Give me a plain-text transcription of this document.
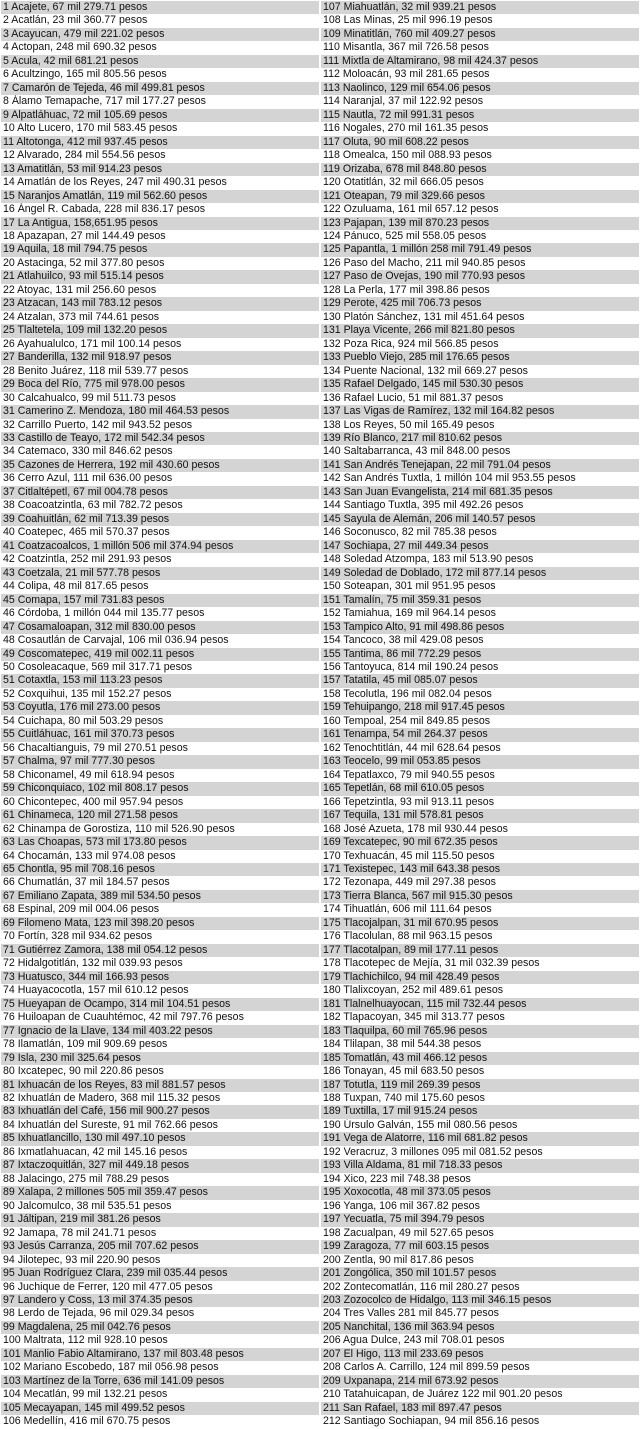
1 Acajete, 67 mil 279.71 pesos
2 Acatlán, 23 mil 360.77 pesos
3 Acayucan, 479 mil 221.02 pesos
4 Actopan, 248 mil 690.32 pesos
5 Acula, 42 mil 681.21 pesos
6 Acultzingo, 165 mil 805.56 pesos
7 Camarón de Tejeda, 46 mil 499.81 pesos
8 Álamo Temapache, 717 mil 177.27 pesos
9 Alpatláhuac, 72 mil 105.69 pesos
10 Alto Lucero, 170 mil 583.45 pesos
11 Altotonga, 412 mil 937.45 pesos
12 Alvarado, 284 mil 554.56 pesos
13 Amatitlán, 53 mil 914.23 pesos
14 Amatlán de los Reyes, 247 mil 490.31 pesos
15 Naranjos Amatlán, 119 mil 562.60 pesos
16 Ángel R. Cabada, 228 mil 836.17 pesos
17 La Antigua, 158,651.95 pesos
18 Apazapan, 27 mil 144.49 pesos
19 Aquila, 18 mil 794.75 pesos
20 Astacinga, 52 mil 377.80 pesos
21 Atlahuilco, 93 mil 515.14 pesos
22 Atoyac, 131 mil 256.60 pesos
23 Atzacan, 143 mil 783.12 pesos
24 Atzalan, 373 mil 744.61 pesos
25 Tlaltetela, 109 mil 132.20 pesos
26 Ayahualulco, 171 mil 100.14 pesos
27 Banderilla, 132 mil 918.97 pesos
28 Benito Juárez, 118 mil 539.77 pesos
29 Boca del Río, 775 mil 978.00 pesos
30 Calcahualco, 99 mil 511.73 pesos
31 Camerino Z. Mendoza, 180 mil 464.53 pesos
32 Carrillo Puerto, 142 mil 943.52 pesos
33 Castillo de Teayo, 172 mil 542.34 pesos
34 Catemaco, 330 mil 846.62 pesos
35 Cazones de Herrera, 192 mil 430.60 pesos
36 Cerro Azul, 111 mil 636.00 pesos
37 Citlaltépetl, 67 mil 004.78 pesos
38 Coacoatzintla, 63 mil 782.72 pesos
39 Coahuitlán, 62 mil 713.39 pesos
40 Coatepec, 465 mil 570.37 pesos
41 Coatzacoalcos, 1 millón 506 mil 374.94 pesos
42 Coatzintla, 252 mil 291.93 pesos
43 Coetzala, 21 mil 577.78 pesos
44 Colipa, 48 mil 817.65 pesos
45 Comapa, 157 mil 731.83 pesos
46 Córdoba, 1 millón 044 mil 135.77 pesos
47 Cosamaloapan, 312 mil 830.00 pesos
48 Cosautlán de Carvajal, 106 mil 036.94 pesos
49 Coscomatepec, 419 mil 002.11 pesos
50 Cosoleacaque, 569 mil 317.71 pesos
51 Cotaxtla, 153 mil 113.23 pesos
52 Coxquihui, 135 mil 152.27 pesos
53 Coyutla, 176 mil 273.00 pesos
54 Cuichapa, 80 mil 503.29 pesos
55 Cuitláhuac, 161 mil 370.73 pesos
56 Chacaltianguis, 79 mil 270.51 pesos
57 Chalma, 97 mil 777.30 pesos
58 Chiconamel, 49 mil 618.94 pesos
59 Chiconquiaco, 102 mil 808.17 pesos
60 Chicontepec, 400 mil 957.94 pesos
61 Chinameca, 120 mil 271.58 pesos
62 Chinampa de Gorostiza, 110 mil 526.90 pesos
63 Las Choapas, 573 mil 173.80 pesos
64 Chocamán, 133 mil 974.08 pesos
65 Chontla, 95 mil 708.16 pesos
66 Chumatlán, 37 mil 184.57 pesos
67 Emiliano Zapata, 389 mil 534.50 pesos
68 Espinal, 209 mil 004.06 pesos
69 Filomeno Mata, 123 mil 398.20 pesos
70 Fortín, 328 mil 934.62 pesos
71 Gutiérrez Zamora, 138 mil 054.12 pesos
72 Hidalgotitlán, 132 mil 039.93 pesos
73 Huatusco, 344 mil 166.93 pesos
74 Huayacocotla, 157 mil 610.12 pesos
75 Hueyapan de Ocampo, 314 mil 104.51 pesos
76 Huiloapan de Cuauhtémoc, 42 mil 797.76 pesos
77 Ignacio de la Llave, 134 mil 403.22 pesos
78 Ilamatlán, 109 mil 909.69 pesos
79 Isla, 230 mil 325.64 pesos
80 Ixcatepec, 90 mil 220.86 pesos
81 Ixhuacán de los Reyes, 83 mil 881.57 pesos
82 Ixhuatlán de Madero, 368 mil 115.32 pesos
83 Ixhuatlán del Café, 156 mil 900.27 pesos
84 Ixhuatlán del Sureste, 91 mil 762.66 pesos
85 Ixhuatlancillo, 130 mil 497.10 pesos
86 Ixmatlahuacan, 42 mil 145.16 pesos
87 Ixtaczoquitlán, 327 mil 449.18 pesos
88 Jalacingo, 275 mil 788.29 pesos
89 Xalapa, 2 millones 505 mil 359.47 pesos
90 Jalcomulco, 38 mil 535.51 pesos
91 Jáltipan, 219 mil 381.26 pesos
92 Jamapa, 78 mil 241.71 pesos
93 Jesús Carranza, 205 mil 707.62 pesos
94 Jilotepec, 93 mil 220.90 pesos
95 Juan Rodríguez Clara, 239 mil 035.44 pesos
96 Juchique de Ferrer, 120 mil 477.05 pesos
97 Landero y Coss, 13 mil 374.35 pesos
98 Lerdo de Tejada, 96 mil 029.34 pesos
99 Magdalena, 25 mil 042.76 pesos
100 Maltrata, 112 mil 928.10 pesos
101 Manlio Fabio Altamirano, 137 mil 803.48 pesos
102 Mariano Escobedo, 187 mil 056.98 pesos
103 Martínez de la Torre, 636 mil 141.09 pesos
104 Mecatlán, 99 mil 132.21 pesos
105 Mecayapan, 145 mil 499.52 pesos
106 Medellín, 416 mil 670.75 pesos
107 Miahuatlán, 32 mil 939.21 pesos
108 Las Minas, 25 mil 996.19 pesos
109 Minatitlán, 760 mil 409.27 pesos
110 Misantla, 367 mil 726.58 pesos
111 Mixtla de Altamirano, 98 mil 424.37 pesos
112 Moloacán, 93 mil 281.65 pesos
113 Naolinco, 129 mil 654.06 pesos
114 Naranjal, 37 mil 122.92 pesos
115 Nautla, 72 mil 991.31 pesos
116 Nogales, 270 mil 161.35 pesos
117 Oluta, 90 mil 608.22 pesos
118 Omealca, 150 mil 088.93 pesos
119 Orizaba, 678 mil 848.80 pesos
120 Otatitlán, 32 mil 666.05 pesos
121 Oteapan, 79 mil 329.66 pesos
122 Ozuluama, 161 mil 657.12 pesos
123 Pajapan, 139 mil 870.23 pesos
124 Pánuco, 525 mil 558.05 pesos
125 Papantla, 1 millón 258 mil 791.49 pesos
126 Paso del Macho, 211 mil 940.85 pesos
127 Paso de Ovejas, 190 mil 770.93 pesos
128 La Perla, 177 mil 398.86 pesos
129 Perote, 425 mil 706.73 pesos
130 Platón Sánchez, 131 mil 451.64 pesos
131 Playa Vicente, 266 mil 821.80 pesos
132 Poza Rica, 924 mil 566.85 pesos
133 Pueblo Viejo, 285 mil 176.65 pesos
134 Puente Nacional, 132 mil 669.27 pesos
135 Rafael Delgado, 145 mil 530.30 pesos
136 Rafael Lucio, 51 mil 881.37 pesos
137 Las Vigas de Ramírez, 132 mil 164.82 pesos
138 Los Reyes, 50 mil 165.49 pesos
139 Río Blanco, 217 mil 810.62 pesos
140 Saltabarranca, 43 mil 848.00 pesos
141 San Andrés Tenejapan, 22 mil 791.04 pesos
142 San Andrés Tuxtla, 1 millón 104 mil 953.55 pesos
143 San Juan Evangelista, 214 mil 681.35 pesos
144 Santiago Tuxtla, 395 mil 492.26 pesos
145 Sayula de Alemán, 206 mil 140.57 pesos
146 Soconusco, 82 mil 785.38 pesos
147 Sochiapa, 27 mil 449.34 pesos
148 Soledad Atzompa, 183 mil 513.90 pesos
149 Soledad de Doblado, 172 mil 877.14 pesos
150 Soteapan, 301 mil 951.95 pesos
151 Tamalín, 75 mil 359.31 pesos
152 Tamiahua, 169 mil 964.14 pesos
153 Tampico Alto, 91 mil 498.86 pesos
154 Tancoco, 38 mil 429.08 pesos
155 Tantima, 86 mil 772.29 pesos
156 Tantoyuca, 814 mil 190.24 pesos
157 Tatatila, 45 mil 085.07 pesos
158 Tecolutla, 196 mil 082.04 pesos
159 Tehuipango, 218 mil 917.45 pesos
160 Tempoal, 254 mil 849.85 pesos
161 Tenampa, 54 mil 264.37 pesos
162 Tenochtitlán, 44 mil 628.64 pesos
163 Teocelo, 99 mil 053.85 pesos
164 Tepatlaxco, 79 mil 940.55 pesos
165 Tepetlán, 68 mil 610.05 pesos
166 Tepetzintla, 93 mil 913.11 pesos
167 Tequila, 131 mil 578.81 pesos
168 José Azueta, 178 mil 930.44 pesos
169 Texcatepec, 90 mil 672.35 pesos
170 Texhuacán, 45 mil 115.50 pesos
171 Texistepec, 143 mil 643.38 pesos
172 Tezonapa, 449 mil 297.38 pesos
173 Tierra Blanca, 567 mil 915.30 pesos
174 Tihuatlán, 606 mil 111.64 pesos
175 Tlacojalpan, 31 mil 670.95 pesos
176 Tlacolulan, 88 mil 963.15 pesos
177 Tlacotalpan, 89 mil 177.11 pesos
178 Tlacotepec de Mejía, 31 mil 032.39 pesos
179 Tlachichilco, 94 mil 428.49 pesos
180 Tlalixcoyan, 252 mil 489.61 pesos
181 Tlalnelhuayocan, 115 mil 732.44 pesos
182 Tlapacoyan, 345 mil 313.77 pesos
183 Tlaquilpa, 60 mil 765.96 pesos
184 Tlilapan, 38 mil 544.38 pesos
185 Tomatlán, 43 mil 466.12 pesos
186 Tonayan, 45 mil 683.50 pesos
187 Totutla, 119 mil 269.39 pesos
188 Tuxpan, 740 mil 175.60 pesos
189 Tuxtilla, 17 mil 915.24 pesos
190 Úrsulo Galván, 155 mil 080.56 pesos
191 Vega de Alatorre, 116 mil 681.82 pesos
192 Veracruz, 3 millones 095 mil 081.52 pesos
193 Villa Aldama, 81 mil 718.33 pesos
194 Xico, 223 mil 748.38 pesos
195 Xoxocotla, 48 mil 373.05 pesos
196 Yanga, 106 mil 367.82 pesos
197 Yecuatla, 75 mil 394.79 pesos
198 Zacualpan, 49 mil 527.65 pesos
199 Zaragoza, 77 mil 603.15 pesos
200 Zentla, 90 mil 817.86 pesos
201 Zongólica, 350 mil 101.57 pesos
202 Zontecomatlán, 116 mil 280.27 pesos
203 Zozocolco de Hidalgo, 113 mil 346.15 pesos
204 Tres Valles 281 mil 845.77 pesos
205 Nanchital, 136 mil 363.94 pesos
206 Agua Dulce, 243 mil 708.01 pesos
207 El Higo, 113 mil 233.69 pesos
208 Carlos A. Carrillo, 124 mil 899.59 pesos
209 Uxpanapa, 214 mil 673.92 pesos
210 Tatahuicapan, de Juárez 122 mil 901.20 pesos
211 San Rafael, 183 mil 897.47 pesos
212 Santiago Sochiapan, 94 mil 856.16 pesos
